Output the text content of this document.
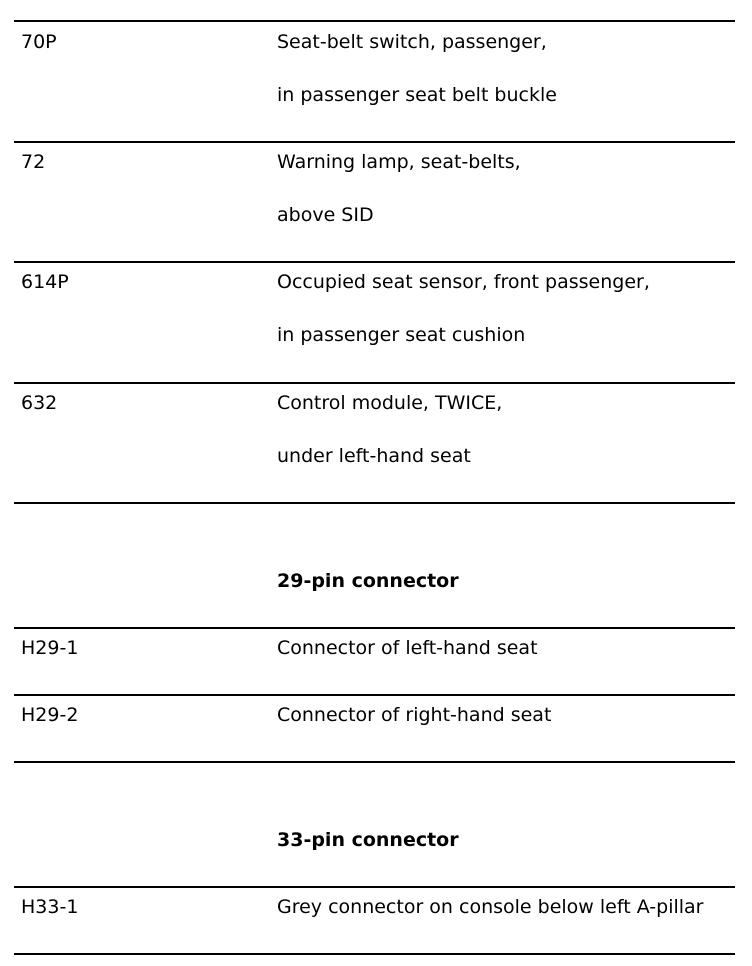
70P	Seat-belt switch, passenger,
in passenger seat belt buckle
72	Warning lamp, seat-belts,
above SID
614P	Occupied seat sensor, front passenger,
in passenger seat cushion
632	Control module, TWICE,
under left-hand seat
29-pin connector
H29-1	Connector of left-hand seat
H29-2	Connector of right-hand seat
33-pin connector
H33-1	Grey connector on console below left A-pillar
